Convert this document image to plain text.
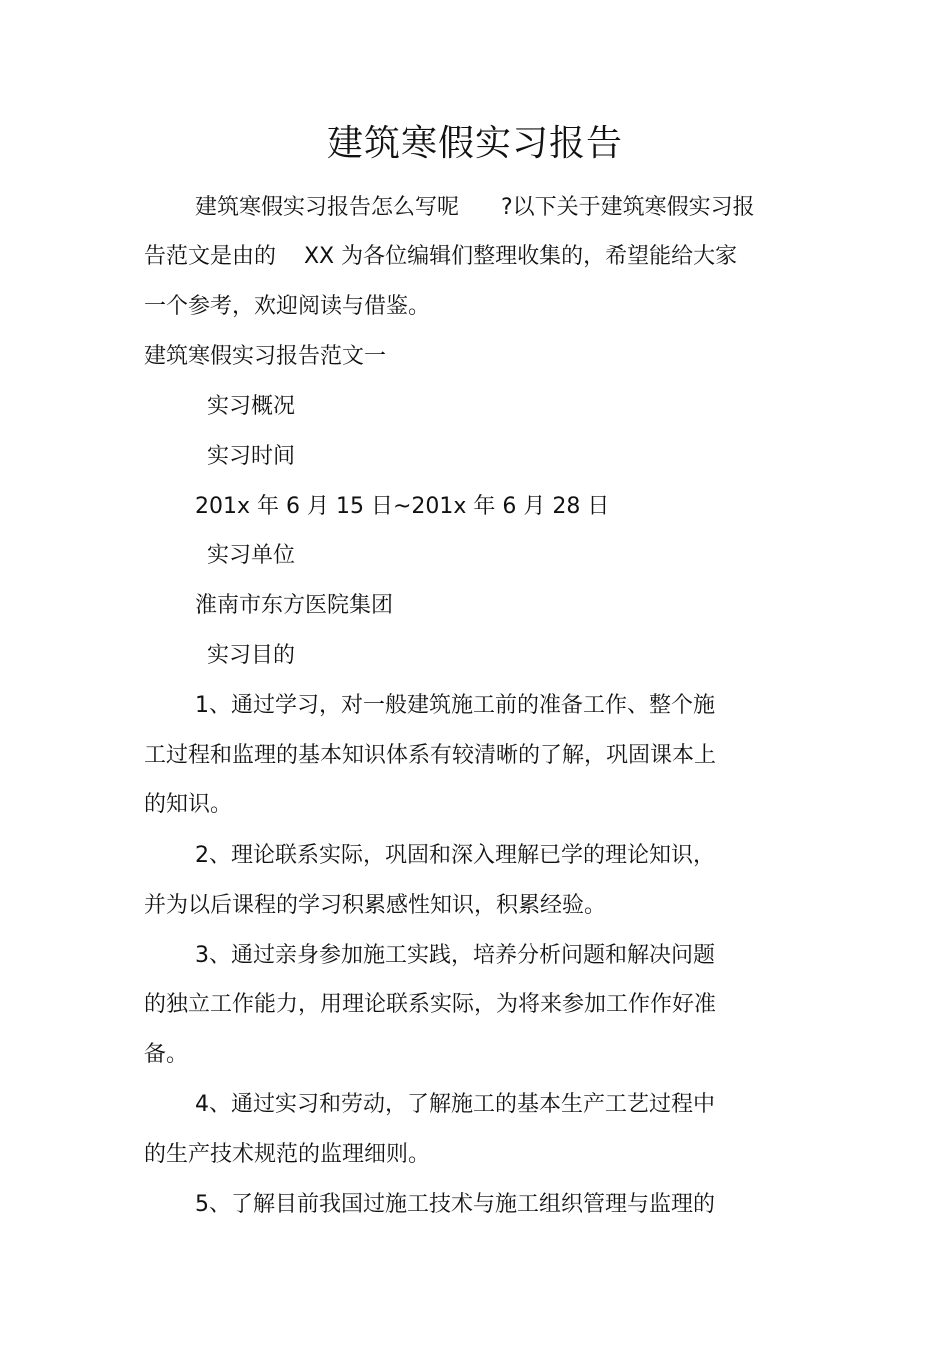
建筑寒假实习报告
建筑寒假实习报告怎么写呢      ?以下关于建筑寒假实习报
告范文是由的    XX 为各位编辑们整理收集的，希望能给大家
一个参考，欢迎阅读与借鉴。
建筑寒假实习报告范文一
实习概况
实习时间
201x 年 6 月 15 日~201x 年 6 月 28 日
实习单位
淮南市东方医院集团
实习目的
1、通过学习，对一般建筑施工前的准备工作、整个施
工过程和监理的基本知识体系有较清晰的了解，巩固课本上
的知识。
2、理论联系实际，巩固和深入理解已学的理论知识，
并为以后课程的学习积累感性知识，积累经验。
3、通过亲身参加施工实践，培养分析问题和解决问题
的独立工作能力，用理论联系实际，为将来参加工作作好准
备。
4、通过实习和劳动，了解施工的基本生产工艺过程中
的生产技术规范的监理细则。
5、了解目前我国过施工技术与施工组织管理与监理的
